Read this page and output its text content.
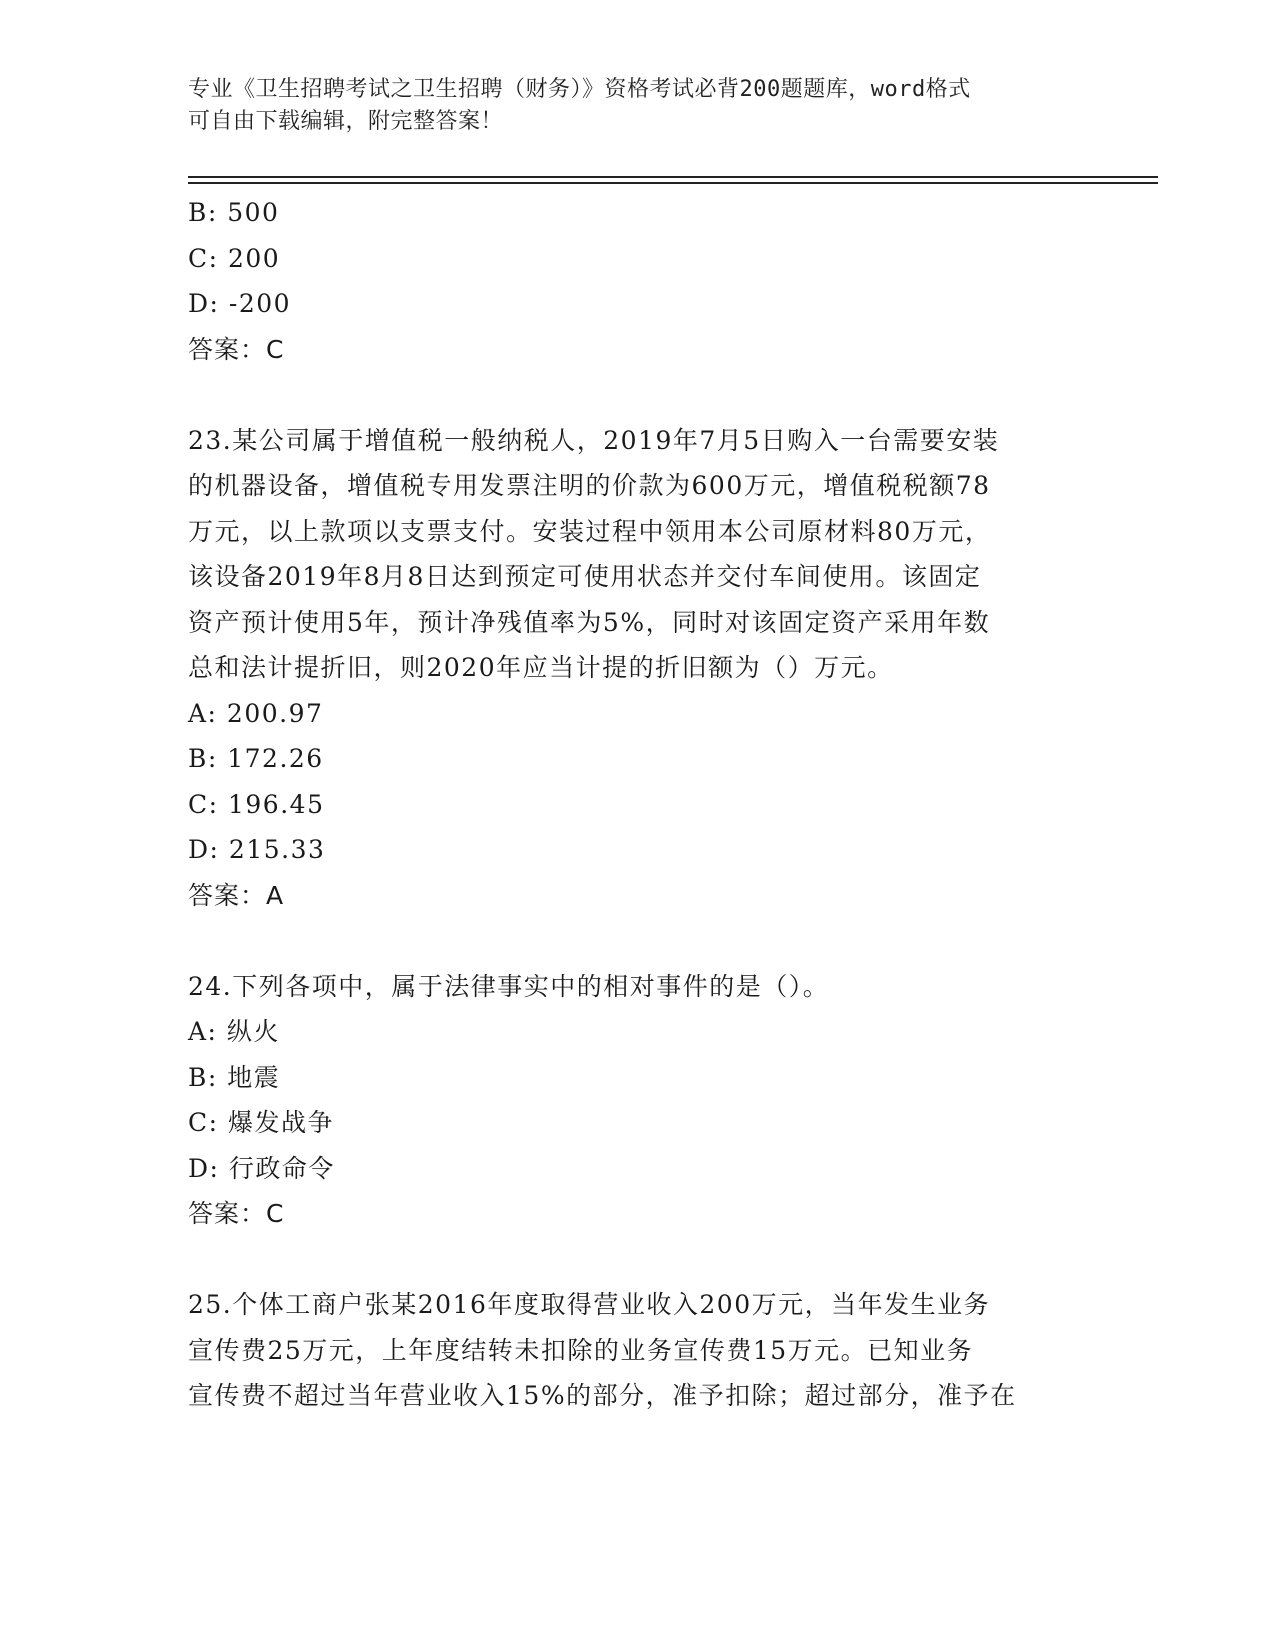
专业《卫生招聘考试之卫生招聘（财务）》资格考试必背200题题库，word格式
可自由下载编辑，附完整答案！
B: 500
C: 200
D: -200
答案：C
23.某公司属于增值税一般纳税人，2019年7月5日购入一台需要安装
的机器设备，增值税专用发票注明的价款为600万元，增值税税额78
万元，以上款项以支票支付。安装过程中领用本公司原材料80万元，
该设备2019年8月8日达到预定可使用状态并交付车间使用。该固定
资产预计使用5年，预计净残值率为5%，同时对该固定资产采用年数
总和法计提折旧，则2020年应当计提的折旧额为（）万元。
A: 200.97
B: 172.26
C: 196.45
D: 215.33
答案：A
24.下列各项中，属于法律事实中的相对事件的是（）。
A: 纵火
B: 地震
C: 爆发战争
D: 行政命令
答案：C
25.个体工商户张某2016年度取得营业收入200万元，当年发生业务
宣传费25万元，上年度结转未扣除的业务宣传费15万元。已知业务
宣传费不超过当年营业收入15%的部分，准予扣除；超过部分，准予在
